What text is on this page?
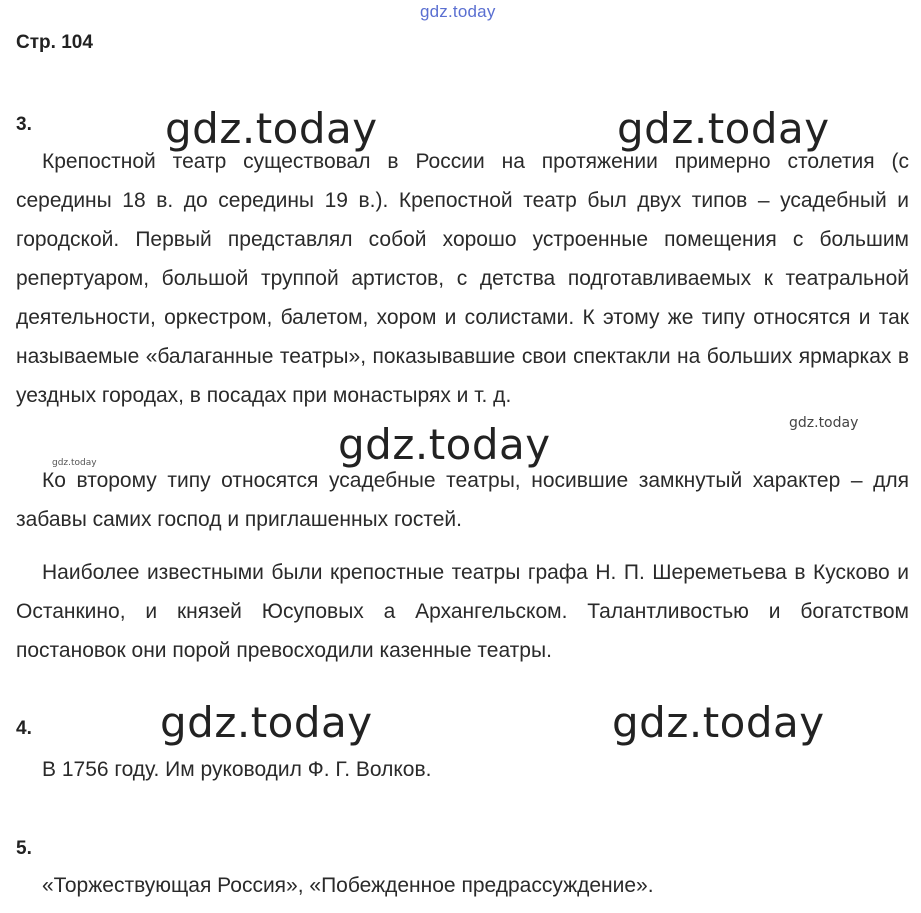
gdz.today
Стр. 104
3.	gdz.today	gdz.today
Крепостной театр существовал в России на протяжении примерно столетия (с середины 18 в. до середины 19 в.). Крепостной театр был двух типов – усадебный и городской. Первый представлял собой хорошо устроенные помещения с большим репертуаром, большой труппой артистов, с детства подготавливаемых к театральной деятельности, оркестром, балетом, хором и солистами. К этому же типу относятся и так называемые «балаганные театры», показывавшие свои спектакли на больших ярмарках в уездных городах, в посадах при монастырях и т. д.
gdz.today
gdz.today
gdz.today
Ко второму типу относятся усадебные театры, носившие замкнутый характер – для забавы самих господ и приглашенных гостей.
Наиболее известными были крепостные театры графа Н. П. Шереметьева в Кусково и Останкино, и князей Юсуповых а Архангельском. Талантливостью и богатством постановок они порой превосходили казенные театры.
4.	gdz.today	gdz.today
В 1756 году. Им руководил Ф. Г. Волков.
5.
«Торжествующая Россия», «Побежденное предрассуждение».
